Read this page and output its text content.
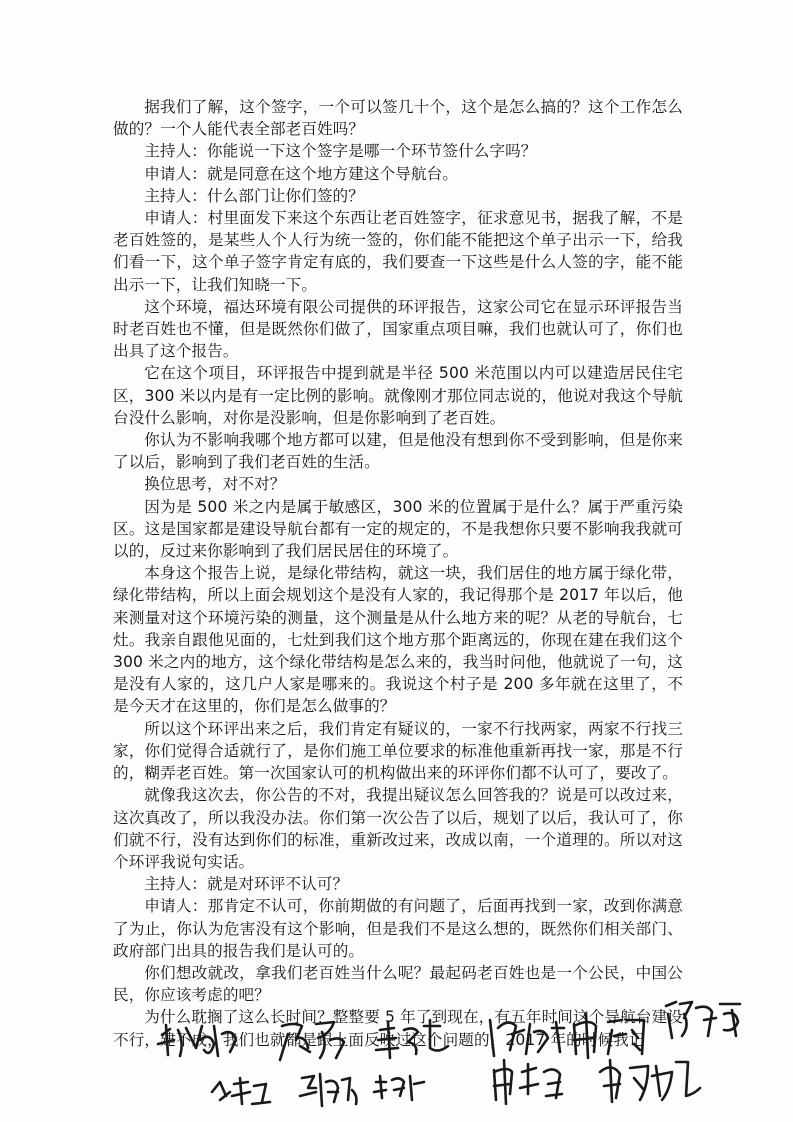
据我们了解，这个签字，一个可以签几十个，这个是怎么搞的？这个工作怎么做的？一个人能代表全部老百姓吗？

主持人：你能说一下这个签字是哪一个环节签什么字吗？

申请人：就是同意在这个地方建这个导航台。

主持人：什么部门让你们签的？

申请人：村里面发下来这个东西让老百姓签字，征求意见书，据我了解，不是老百姓签的，是某些人个人行为统一签的，你们能不能把这个单子出示一下，给我们看一下，这个单子签字肯定有底的，我们要查一下这些是什么人签的字，能不能出示一下，让我们知晓一下。

这个环境，福达环境有限公司提供的环评报告，这家公司它在显示环评报告当时老百姓也不懂，但是既然你们做了，国家重点项目嘛，我们也就认可了，你们也出具了这个报告。

它在这个项目，环评报告中提到就是半径 500 米范围以内可以建造居民住宅区，300 米以内是有一定比例的影响。就像刚才那位同志说的，他说对我这个导航台没什么影响，对你是没影响，但是你影响到了老百姓。

你认为不影响我哪个地方都可以建，但是他没有想到你不受到影响，但是你来了以后，影响到了我们老百姓的生活。

换位思考，对不对？

因为是 500 米之内是属于敏感区，300 米的位置属于是什么？属于严重污染区。这是国家都是建设导航台都有一定的规定的，不是我想你只要不影响我我就可以的，反过来你影响到了我们居民居住的环境了。

本身这个报告上说，是绿化带结构，就这一块，我们居住的地方属于绿化带，绿化带结构，所以上面会规划这个是没有人家的，我记得那个是 2017 年以后，他来测量对这个环境污染的测量，这个测量是从什么地方来的呢？从老的导航台，七灶。我亲自跟他见面的，七灶到我们这个地方那个距离远的，你现在建在我们这个 300 米之内的地方，这个绿化带结构是怎么来的，我当时问他，他就说了一句，这是没有人家的，这几户人家是哪来的。我说这个村子是 200 多年就在这里了，不是今天才在这里的，你们是怎么做事的？

所以这个环评出来之后，我们肯定有疑议的，一家不行找两家，两家不行找三家，你们觉得合适就行了，是你们施工单位要求的标准他重新再找一家，那是不行的，糊弄老百姓。第一次国家认可的机构做出来的环评你们都不认可了，要改了。

就像我这次去，你公告的不对，我提出疑议怎么回答我的？说是可以改过来，这次真改了，所以我没办法。你们第一次公告了以后，规划了以后，我认可了，你们就不行，没有达到你们的标准，重新改过来，改成以南，一个道理的。所以对这个环评我说句实话。

主持人：就是对环评不认可？

申请人：那肯定不认可，你前期做的有问题了，后面再找到一家，改到你满意了为止，你认为危害没有这个影响，但是我们不是这么想的，既然你们相关部门、政府部门出具的报告我们是认可的。

你们想改就改，拿我们老百姓当什么呢？最起码老百姓也是一个公民，中国公民，你应该考虑的吧？

为什么耽搁了这么长时间？整整要 5 年了到现在，有五年时间这个导航台建设不行，建不成，我们也就都是跟上面反映过这个问题的，2017 年的时候我记
